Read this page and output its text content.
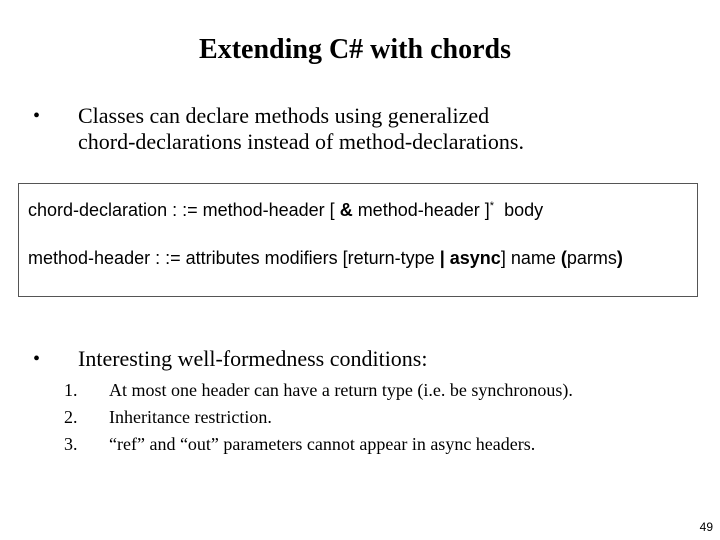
Extending C# with chords
• Classes can declare methods using generalized
chord-declarations instead of method-declarations.
chord-declaration : := method-header [ & method-header ]*  body
method-header : := attributes modifiers [return-type | async] name (parms)
• Interesting well-formedness conditions:
1. At most one header can have a return type (i.e. be synchronous).
2. Inheritance restriction.
3. “ref” and “out” parameters cannot appear in async headers.
49
